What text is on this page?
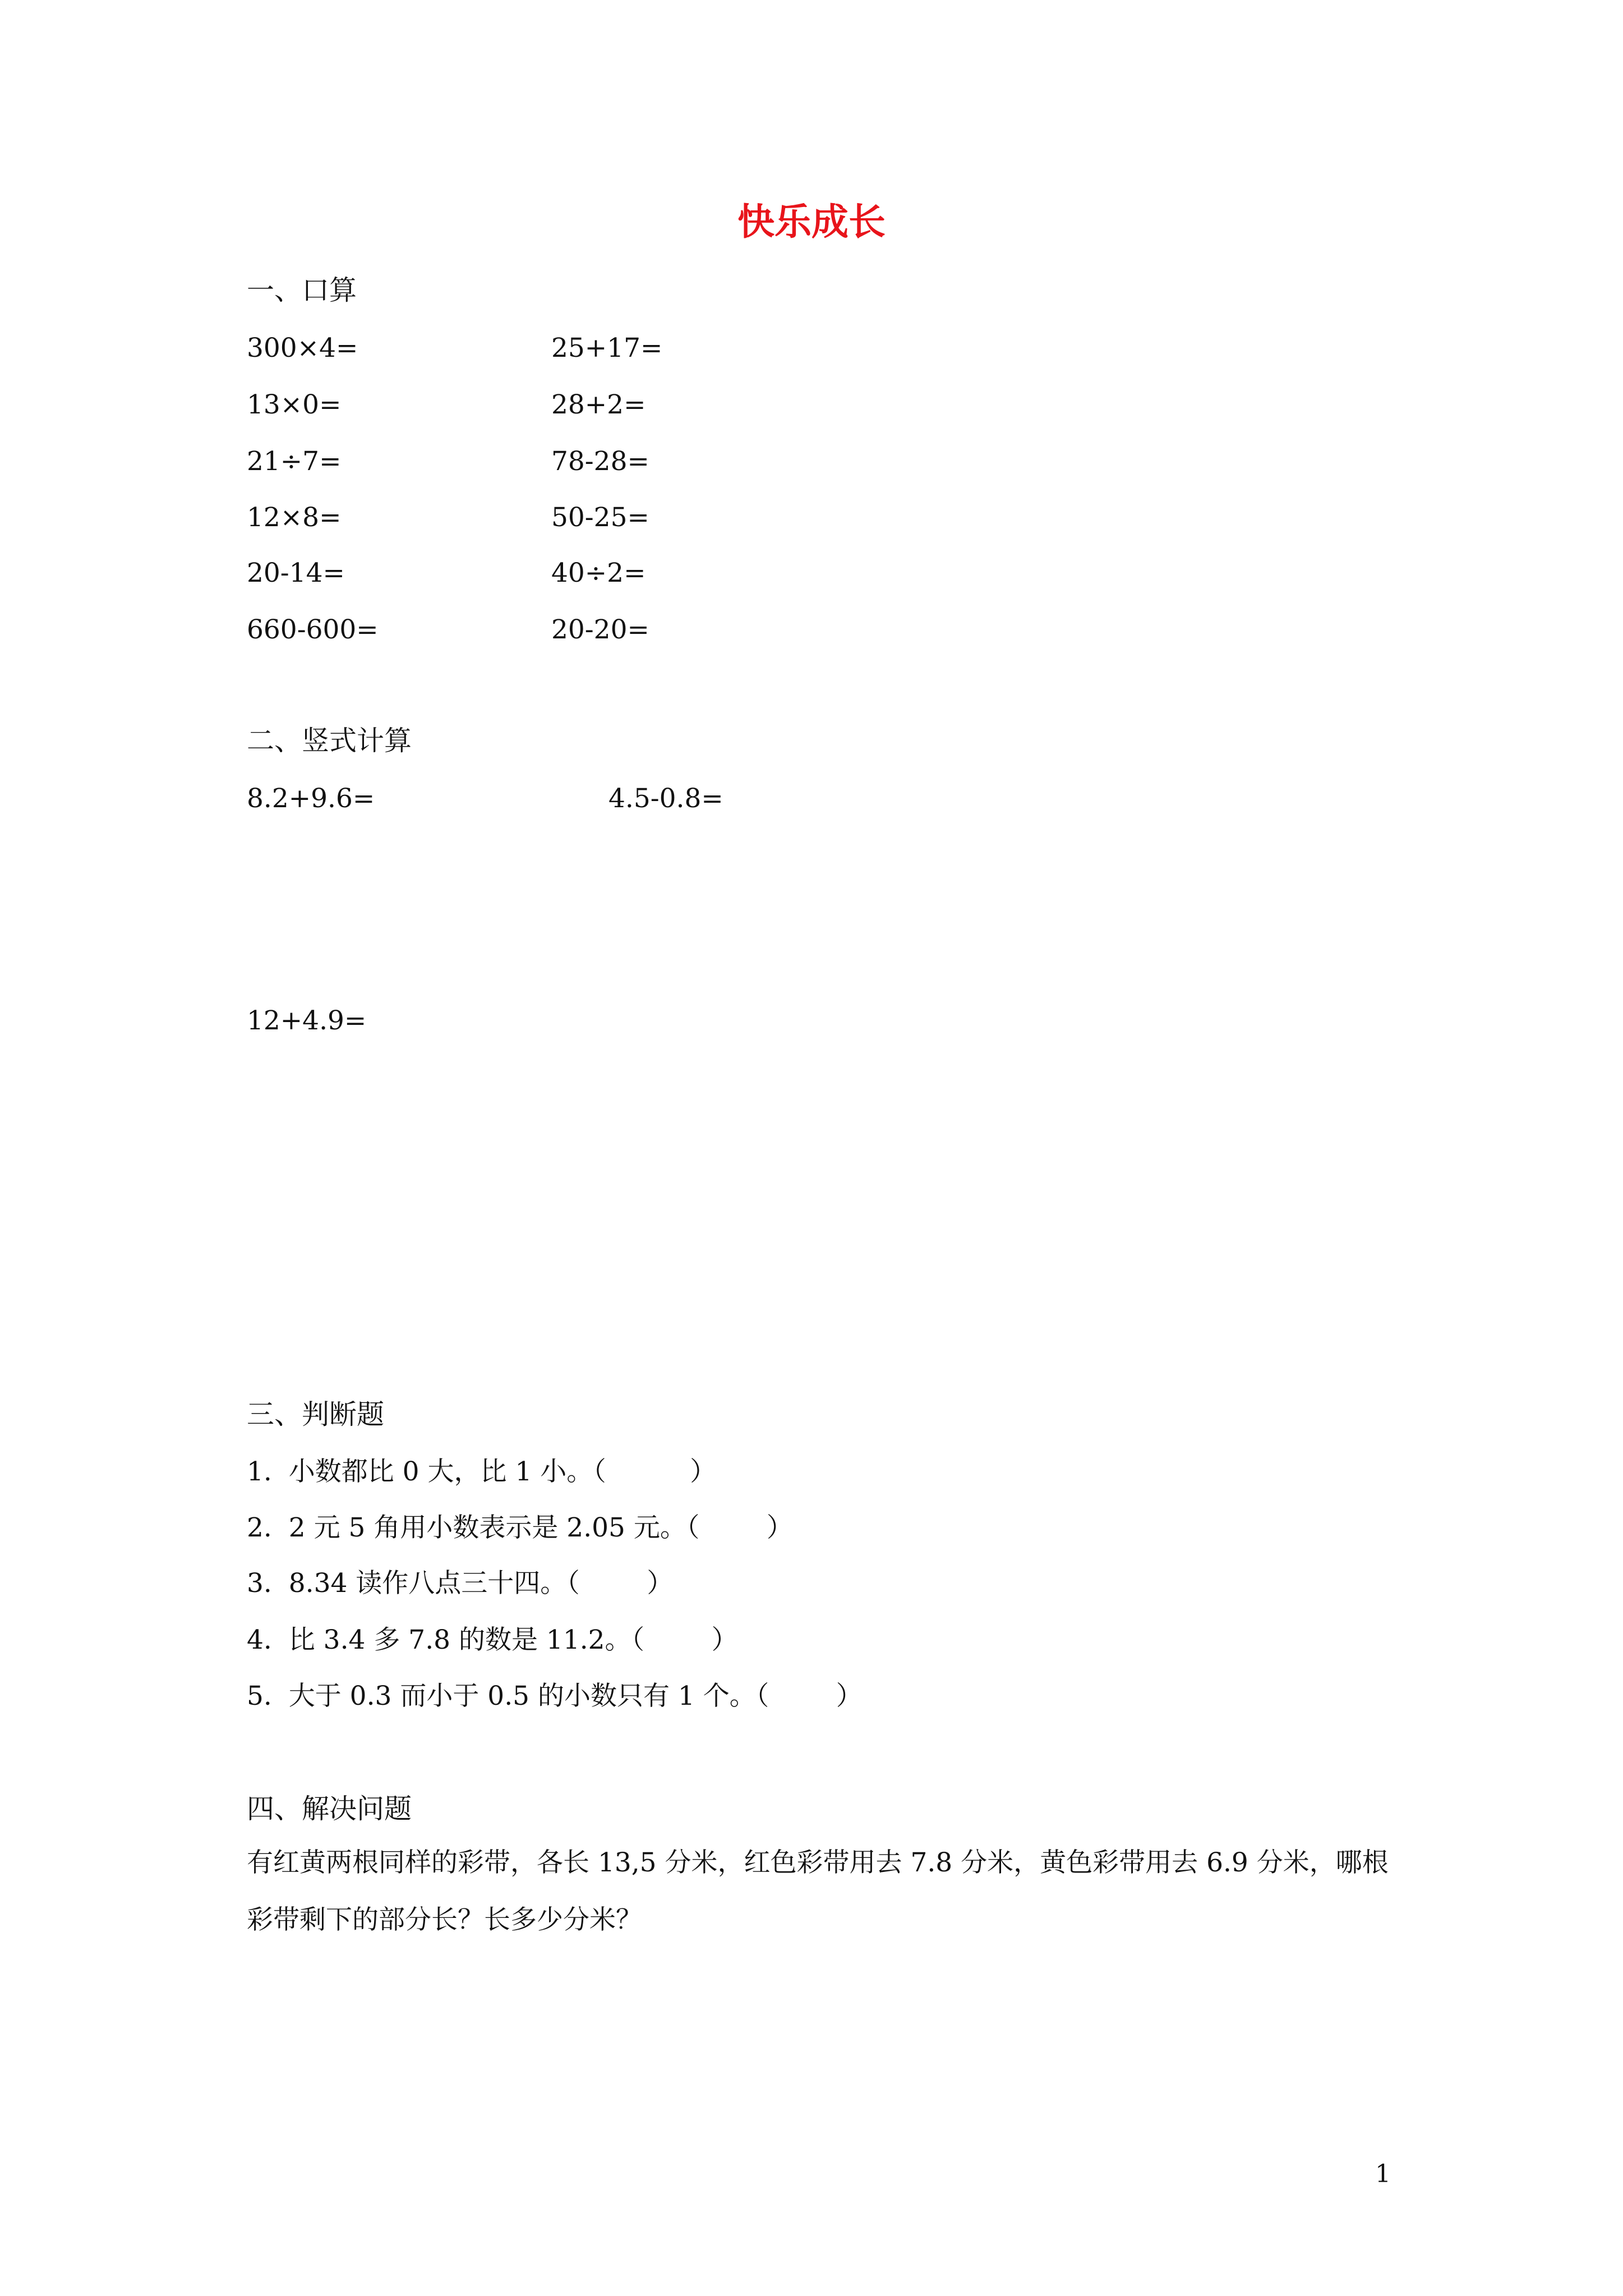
快乐成长
一、口算
300×4=	25+17=
13×0=	28+2=
21÷7=	78-28=
12×8=	50-25=
20-14=	40÷2=
660-600=	20-20=
二、竖式计算
8.2+9.6=	4.5-0.8=
12+4.9=
三、判断题
1.  小数都比 0 大，比 1 小。（          ）
2.  2 元 5 角用小数表示是 2.05 元。（        ）
3.  8.34 读作八点三十四。（        ）
4.  比 3.4 多 7.8 的数是 11.2。（        ）
5.  大于 0.3 而小于 0.5 的小数只有 1 个。（        ）
四、解决问题
有红黄两根同样的彩带，各长 13,5 分米，红色彩带用去 7.8 分米，黄色彩带用去 6.9 分米，哪根彩带剩下的部分长？长多少分米？
1
